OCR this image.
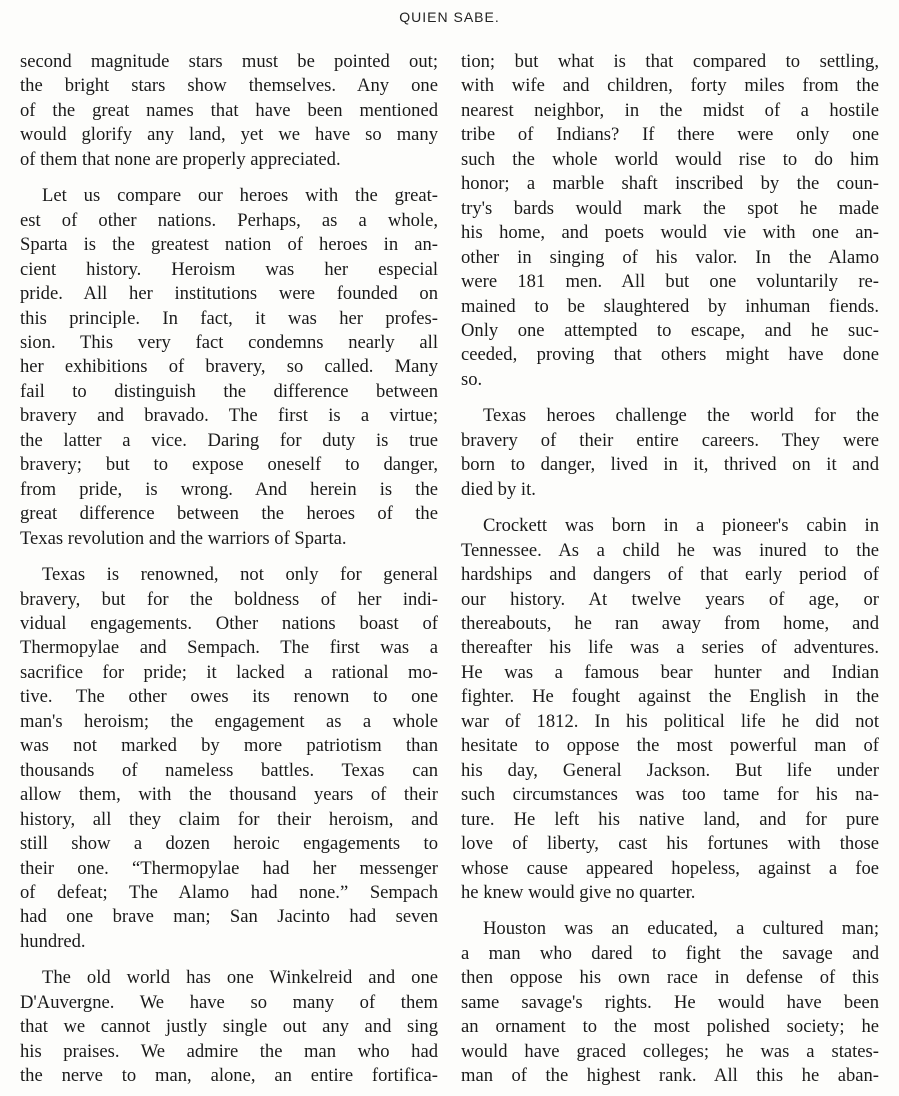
QUIEN SABE.
second magnitude stars must be pointed out;
the bright stars show themselves. Any one
of the great names that have been mentioned
would glorify any land, yet we have so many
of them that none are properly appreciated.
Let us compare our heroes with the great-
est of other nations. Perhaps, as a whole,
Sparta is the greatest nation of heroes in an-
cient history. Heroism was her especial
pride. All her institutions were founded on
this principle. In fact, it was her profes-
sion. This very fact condemns nearly all
her exhibitions of bravery, so called. Many
fail to distinguish the difference between
bravery and bravado. The first is a virtue;
the latter a vice. Daring for duty is true
bravery; but to expose oneself to danger,
from pride, is wrong. And herein is the
great difference between the heroes of the
Texas revolution and the warriors of Sparta.
Texas is renowned, not only for general
bravery, but for the boldness of her indi-
vidual engagements. Other nations boast of
Thermopylae and Sempach. The first was a
sacrifice for pride; it lacked a rational mo-
tive. The other owes its renown to one
man's heroism; the engagement as a whole
was not marked by more patriotism than
thousands of nameless battles. Texas can
allow them, with the thousand years of their
history, all they claim for their heroism, and
still show a dozen heroic engagements to
their one. “Thermopylae had her messenger
of defeat; The Alamo had none.” Sempach
had one brave man; San Jacinto had seven
hundred.
The old world has one Winkelreid and one
D'Auvergne. We have so many of them
that we cannot justly single out any and sing
his praises. We admire the man who had
the nerve to man, alone, an entire fortifica-
tion; but what is that compared to settling,
with wife and children, forty miles from the
nearest neighbor, in the midst of a hostile
tribe of Indians? If there were only one
such the whole world would rise to do him
honor; a marble shaft inscribed by the coun-
try's bards would mark the spot he made
his home, and poets would vie with one an-
other in singing of his valor. In the Alamo
were 181 men. All but one voluntarily re-
mained to be slaughtered by inhuman fiends.
Only one attempted to escape, and he suc-
ceeded, proving that others might have done
so.
Texas heroes challenge the world for the
bravery of their entire careers. They were
born to danger, lived in it, thrived on it and
died by it.
Crockett was born in a pioneer's cabin in
Tennessee. As a child he was inured to the
hardships and dangers of that early period of
our history. At twelve years of age, or
thereabouts, he ran away from home, and
thereafter his life was a series of adventures.
He was a famous bear hunter and Indian
fighter. He fought against the English in the
war of 1812. In his political life he did not
hesitate to oppose the most powerful man of
his day, General Jackson. But life under
such circumstances was too tame for his na-
ture. He left his native land, and for pure
love of liberty, cast his fortunes with those
whose cause appeared hopeless, against a foe
he knew would give no quarter.
Houston was an educated, a cultured man;
a man who dared to fight the savage and
then oppose his own race in defense of this
same savage's rights. He would have been
an ornament to the most polished society; he
would have graced colleges; he was a states-
man of the highest rank. All this he aban-
